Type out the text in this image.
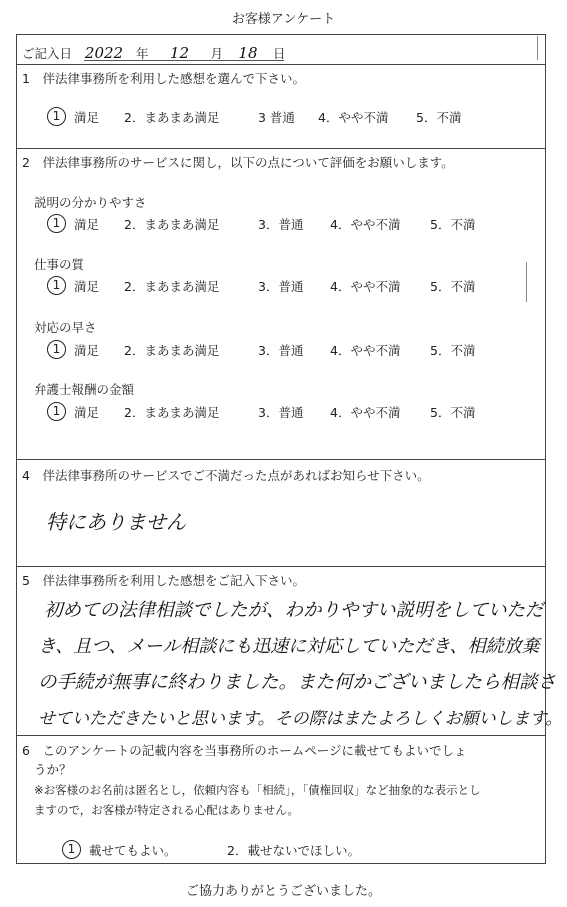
お客様アンケート
ご記入日 2022 年 12 月 18 日
1　伴法律事務所を利用した感想を選んで下さい。
1	満足	2．まあまあ満足	3 普通	4．やや不満	5．不満
2　伴法律事務所のサービスに関し，以下の点について評価をお願いします。
説明の分かりやすさ
1	満足	2．まあまあ満足	3．普通	4．やや不満	5．不満
仕事の質
1	満足	2．まあまあ満足	3．普通	4．やや不満	5．不満
対応の早さ
1	満足	2．まあまあ満足	3．普通	4．やや不満	5．不満
弁護士報酬の金額
1	満足	2．まあまあ満足	3．普通	4．やや不満	5．不満
4　伴法律事務所のサービスでご不満だった点があればお知らせ下さい。
特にありません
5　伴法律事務所を利用した感想をご記入下さい。
初めての法律相談でしたが、わかりやすい説明をしていただ
き、且つ、メール相談にも迅速に対応していただき、相続放棄
の手続が無事に終わりました。また何かございましたら相談さ
せていただきたいと思います。その際はまたよろしくお願いします。
6　このアンケートの記載内容を当事務所のホームページに載せてもよいでしょ
うか？
※お客様のお名前は匿名とし，依頼内容も「相続」，「債権回収」など抽象的な表示とし
ますので，お客様が特定される心配はありません。
1	載せてもよい。	2．載せないでほしい。
ご協力ありがとうございました。
